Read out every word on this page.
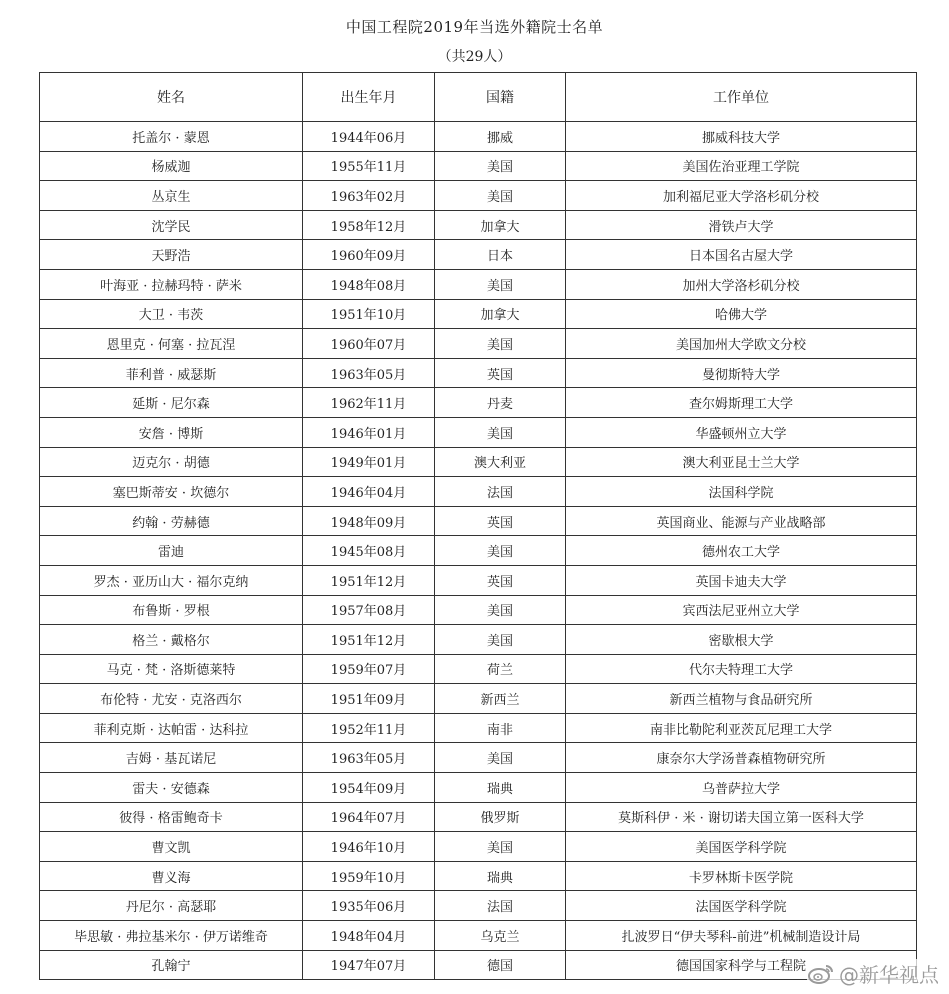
中国工程院2019年当选外籍院士名单
（共29人）
姓名	出生年月	国籍	工作单位
托盖尔 · 蒙恩	1944年06月	挪威	挪威科技大学
杨威迦	1955年11月	美国	美国佐治亚理工学院
丛京生	1963年02月	美国	加利福尼亚大学洛杉矶分校
沈学民	1958年12月	加拿大	滑铁卢大学
天野浩	1960年09月	日本	日本国名古屋大学
叶海亚 · 拉赫玛特 · 萨米	1948年08月	美国	加州大学洛杉矶分校
大卫 · 韦茨	1951年10月	加拿大	哈佛大学
恩里克 · 何塞 · 拉瓦涅	1960年07月	美国	美国加州大学欧文分校
菲利普 · 威瑟斯	1963年05月	英国	曼彻斯特大学
延斯 · 尼尔森	1962年11月	丹麦	查尔姆斯理工大学
安詹 · 博斯	1946年01月	美国	华盛顿州立大学
迈克尔 · 胡德	1949年01月	澳大利亚	澳大利亚昆士兰大学
塞巴斯蒂安 · 坎德尔	1946年04月	法国	法国科学院
约翰 · 劳赫德	1948年09月	英国	英国商业、能源与产业战略部
雷迪	1945年08月	美国	德州农工大学
罗杰 · 亚历山大 · 福尔克纳	1951年12月	英国	英国卡迪夫大学
布鲁斯 · 罗根	1957年08月	美国	宾西法尼亚州立大学
格兰 · 戴格尔	1951年12月	美国	密歇根大学
马克 · 梵 · 洛斯德莱特	1959年07月	荷兰	代尔夫特理工大学
布伦特 · 尤安 · 克洛西尔	1951年09月	新西兰	新西兰植物与食品研究所
菲利克斯 · 达帕雷 · 达科拉	1952年11月	南非	南非比勒陀利亚茨瓦尼理工大学
吉姆 · 基瓦诺尼	1963年05月	美国	康奈尔大学汤普森植物研究所
雷夫 · 安德森	1954年09月	瑞典	乌普萨拉大学
彼得 · 格雷鲍奇卡	1964年07月	俄罗斯	莫斯科伊 · 米 · 谢切诺夫国立第一医科大学
曹文凯	1946年10月	美国	美国医学科学院
曹义海	1959年10月	瑞典	卡罗林斯卡医学院
丹尼尔 · 高瑟耶	1935年06月	法国	法国医学科学院
毕思敏 · 弗拉基米尔 · 伊万诺维奇	1948年04月	乌克兰	扎波罗日“伊夫琴科-前进”机械制造设计局
孔翰宁	1947年07月	德国	德国国家科学与工程院 @新华视点
